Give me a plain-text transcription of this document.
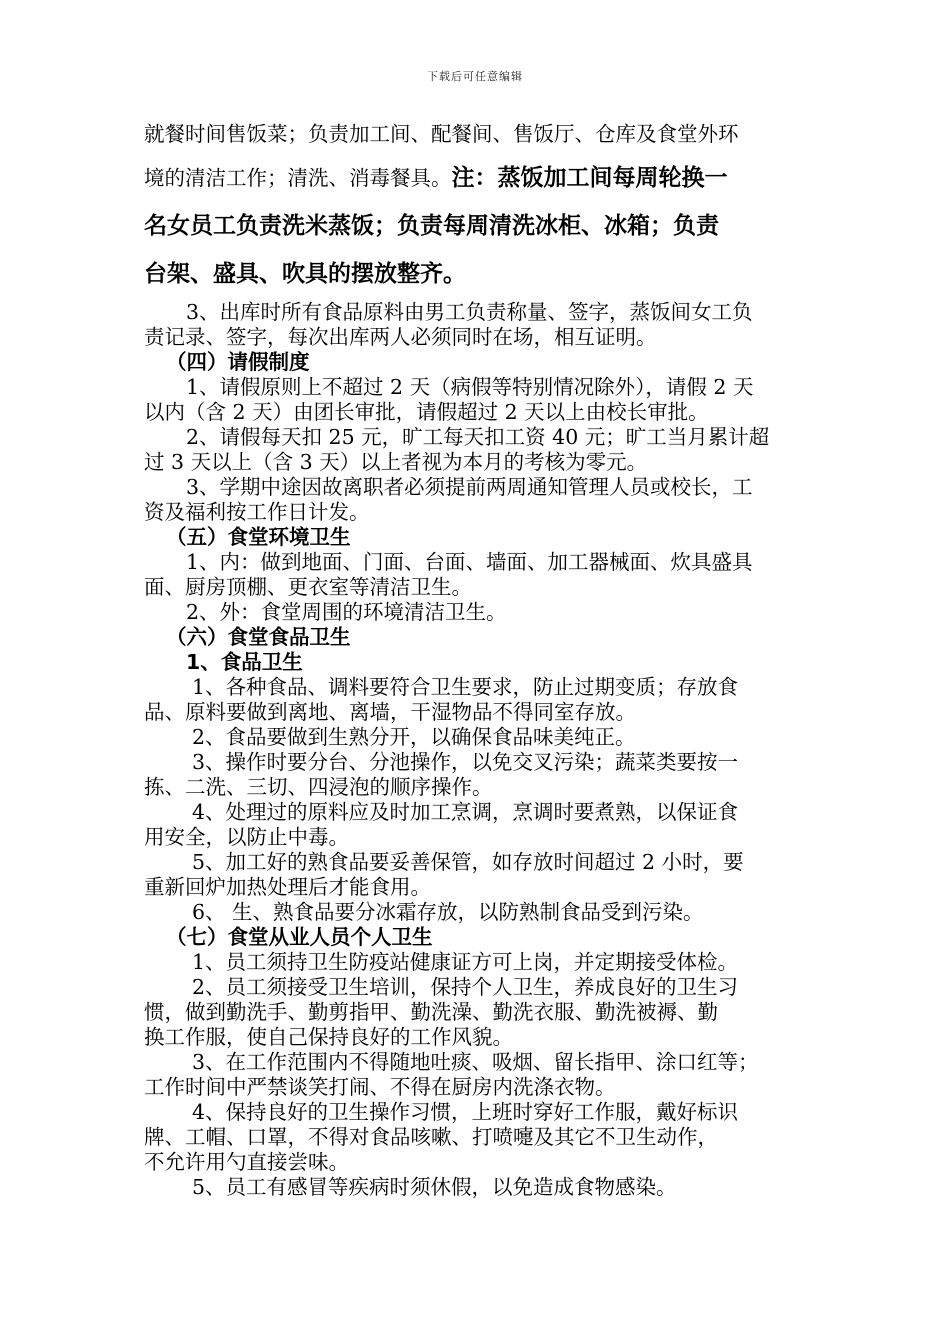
下载后可任意编辑
就餐时间售饭菜；负责加工间、配餐间、售饭厅、仓库及食堂外环
境的清洁工作；清洗、消毒餐具。注：蒸饭加工间每周轮换一
名女员工负责洗米蒸饭；负责每周清洗冰柜、冰箱；负责
台架、盛具、吹具的摆放整齐。
3、出库时所有食品原料由男工负责称量、签字，蒸饭间女工负
责记录、签字，每次出库两人必须同时在场，相互证明。
（四）请假制度
1、请假原则上不超过 2 天（病假等特别情况除外），请假 2 天
以内（含 2 天）由团长审批，请假超过 2 天以上由校长审批。
2、请假每天扣 25 元，旷工每天扣工资 40 元；旷工当月累计超
过 3 天以上（含 3 天）以上者视为本月的考核为零元。
3、学期中途因故离职者必须提前两周通知管理人员或校长，工
资及福利按工作日计发。
（五）食堂环境卫生
1、内：做到地面、门面、台面、墙面、加工器械面、炊具盛具
面、厨房顶棚、更衣室等清洁卫生。
2、外：食堂周围的环境清洁卫生。
（六）食堂食品卫生
1、食品卫生
1、各种食品、调料要符合卫生要求，防止过期变质；存放食
品、原料要做到离地、离墙，干湿物品不得同室存放。
2、食品要做到生熟分开，以确保食品味美纯正。
3、操作时要分台、分池操作，以免交叉污染；蔬菜类要按一
拣、二洗、三切、四浸泡的顺序操作。
4、处理过的原料应及时加工烹调，烹调时要煮熟，以保证食
用安全，以防止中毒。
5、加工好的熟食品要妥善保管，如存放时间超过 2 小时，要
重新回炉加热处理后才能食用。
6、 生、熟食品要分冰霜存放，以防熟制食品受到污染。
（七）食堂从业人员个人卫生
1、员工须持卫生防疫站健康证方可上岗，并定期接受体检。
2、员工须接受卫生培训，保持个人卫生，养成良好的卫生习
惯，做到勤洗手、勤剪指甲、勤洗澡、勤洗衣服、勤洗被褥、勤
换工作服，使自己保持良好的工作风貌。
3、在工作范围内不得随地吐痰、吸烟、留长指甲、涂口红等；
工作时间中严禁谈笑打闹、不得在厨房内洗涤衣物。
4、保持良好的卫生操作习惯，上班时穿好工作服，戴好标识
牌、工帽、口罩，不得对食品咳嗽、打喷嚏及其它不卫生动作，
不允许用勺直接尝味。
5、员工有感冒等疾病时须休假，以免造成食物感染。
